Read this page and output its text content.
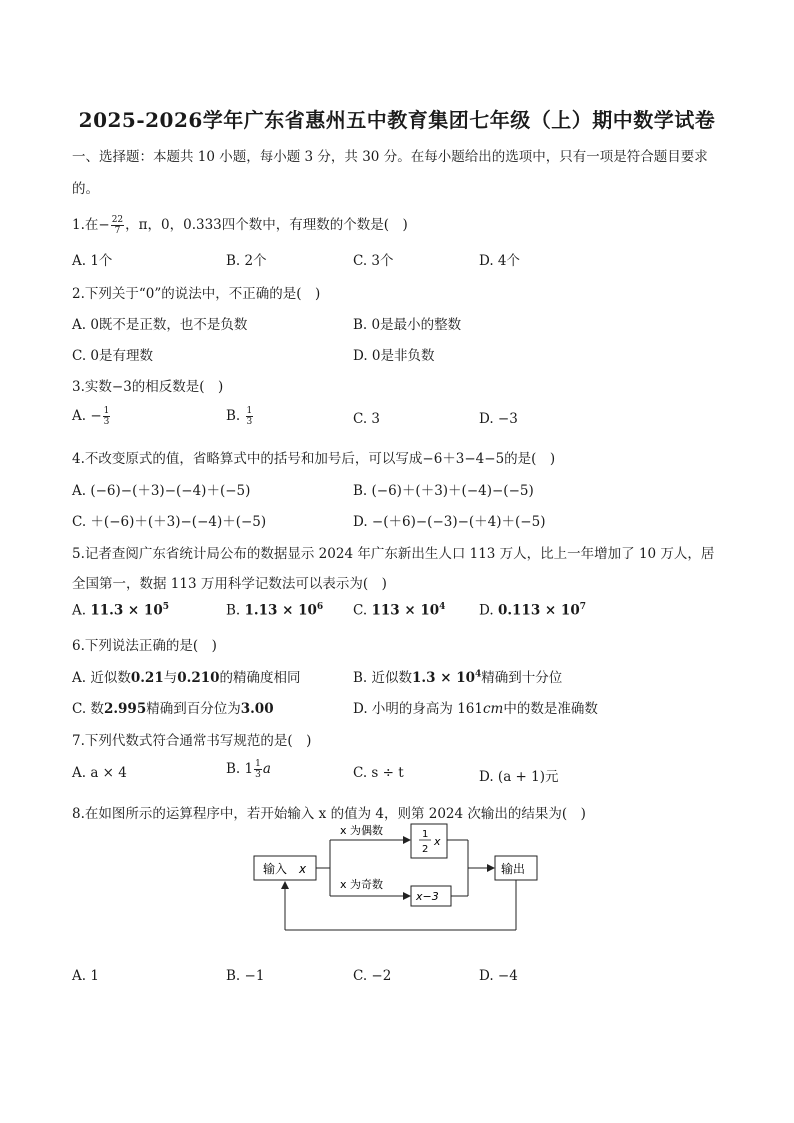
2025-2026学年广东省惠州五中教育集团七年级（上）期中数学试卷
一、选择题：本题共 10 小题，每小题 3 分，共 30 分。在每小题给出的选项中，只有一项是符合题目要求
的。
1.在− $\frac{22}{7}$ ，π，0，0.333四个数中，有理数的个数是(　)
A. 1个	B. 2个	C. 3个	D. 4个
2.下列关于“0”的说法中，不正确的是(　)
A. 0既不是正数，也不是负数	B. 0是最小的整数
C. 0是有理数	D. 0是非负数
3.实数−3的相反数是(　)
A. − $\frac{1}{3}$	B. $\frac{1}{3}$	C. 3	D. −3
4.不改变原式的值，省略算式中的括号和加号后，可以写成−6＋3−4−5的是(　)
A. (−6)−(＋3)−(−4)＋(−5)	B. (−6)＋(＋3)＋(−4)−(−5)
C. ＋(−6)＋(＋3)−(−4)＋(−5)	D. −(＋6)−(−3)−(＋4)＋(−5)
5.记者查阅广东省统计局公布的数据显示 2024 年广东新出生人口 113 万人，比上一年增加了 10 万人，居
全国第一，数据 113 万用科学记数法可以表示为(　)
A. $11.3 \times 10^5$	B. $1.13 \times 10^6$ C. $113 \times 10^4$ D. $0.113 \times 10^7$
6.下列说法正确的是(　)
A. 近似数0.21与0.210的精确度相同	B. 近似数$1.3 \times 10^4$精确到十分位
C. 数2.995精确到百分位为3.00	D. 小明的身高为 161cm中的数是准确数
7.下列代数式符合通常书写规范的是(　)
A. a × 4	B. $1 \frac{1}{3}$ a	C. s ÷ t	D. (a + 1)元
8.在如图所示的运算程序中，若开始输入 x 的值为 4，则第 2024 次输出的结果为(　)
输入 x
x 为偶数
x 为奇数
1
2
x
x−3
输出
A. 1	B. −1	C. −2	D. −4
